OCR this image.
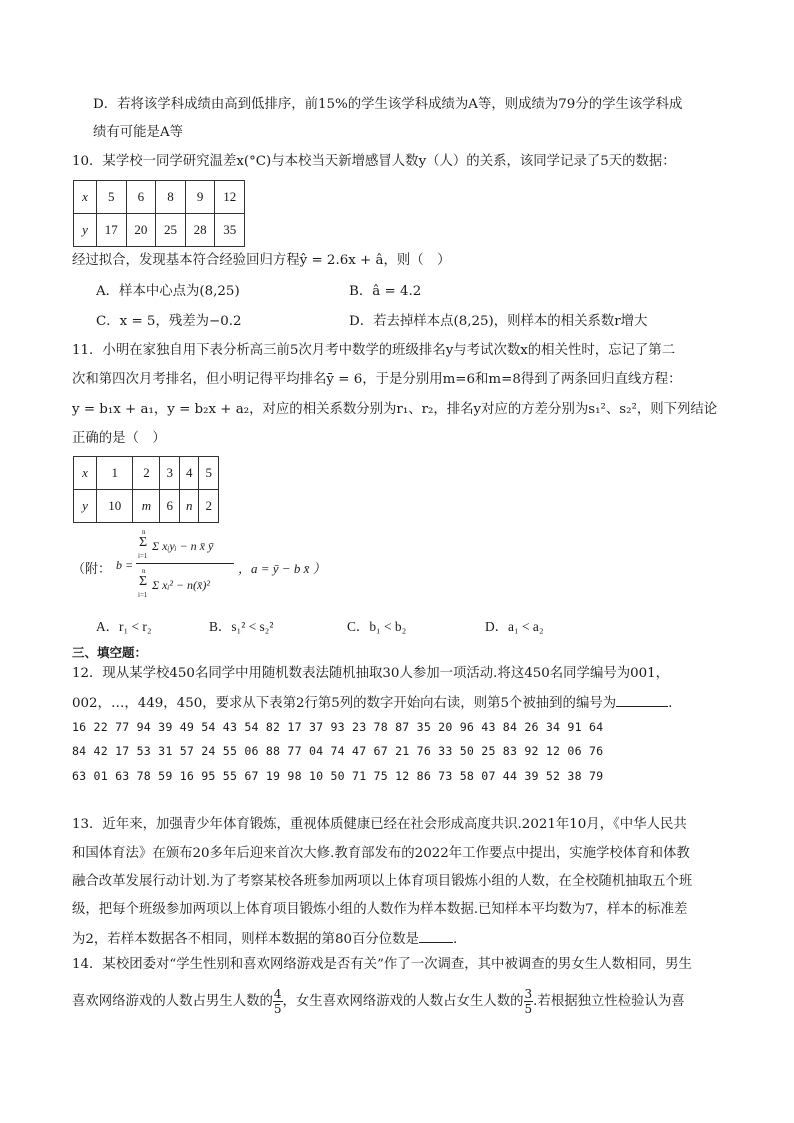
D．若将该学科成绩由高到低排序，前15%的学生该学科成绩为A等，则成绩为79分的学生该学科成
绩有可能是A等
10．某学校一同学研究温差x(°C)与本校当天新增感冒人数y（人）的关系，该同学记录了5天的数据：
x	5	6	8	9	12
y	17	20	25	28	35
经过拟合，发现基本符合经验回归方程ŷ = 2.6x + â，则（　）
A．样本中心点为(8,25)	B．â = 4.2
C．x = 5，残差为−0.2	D．若去掉样本点(8,25)，则样本的相关系数r增大
11．小明在家独自用下表分析高三前5次月考中数学的班级排名y与考试次数x的相关性时，忘记了第二
次和第四次月考排名，但小明记得平均排名ȳ = 6，于是分别用m=6和m=8得到了两条回归直线方程：
y = b₁x + a₁，y = b₂x + a₂，对应的相关系数分别为r₁、r₂，排名y对应的方差分别为s₁²、s₂²，则下列结论
正确的是（　）
x	1	2	3	4	5
y	10	m	6	n	2
（附： b =
n
Σ
i=1
Σ xᵢyᵢ − n x̄ ȳ
n
Σ
i=1
Σ xᵢ² − n(x̄)²
，a = ȳ − b x̄ ）
A．r₁ < r₂	B．s₁² < s₂²	C．b₁ < b₂	D．a₁ < a₂
三、填空题：
12．现从某学校450名同学中用随机数表法随机抽取30人参加一项活动.将这450名同学编号为001，
002，…，449，450，要求从下表第2行第5列的数字开始向右读，则第5个被抽到的编号为	.
16 22 77 94 39 49 54 43 54 82 17 37 93 23 78 87 35 20 96 43 84 26 34 91 64
84 42 17 53 31 57 24 55 06 88 77 04 74 47 67 21 76 33 50 25 83 92 12 06 76
63 01 63 78 59 16 95 55 67 19 98 10 50 71 75 12 86 73 58 07 44 39 52 38 79
13．近年来，加强青少年体育锻炼，重视体质健康已经在社会形成高度共识.2021年10月，《中华人民共
和国体育法》在颁布20多年后迎来首次大修.教育部发布的2022年工作要点中提出，实施学校体育和体教
融合改革发展行动计划.为了考察某校各班参加两项以上体育项目锻炼小组的人数，在全校随机抽取五个班
级，把每个班级参加两项以上体育项目锻炼小组的人数作为样本数据.已知样本平均数为7，样本的标准差
为2，若样本数据各不相同，则样本数据的第80百分位数是	.
14．某校团委对“学生性别和喜欢网络游戏是否有关”作了一次调查，其中被调查的男女生人数相同，男生
喜欢网络游戏的人数占男生人数的 $\frac{4}{5}$ ，女生喜欢网络游戏的人数占女生人数的 $\frac{3}{5}$ .若根据独立性检验认为喜
